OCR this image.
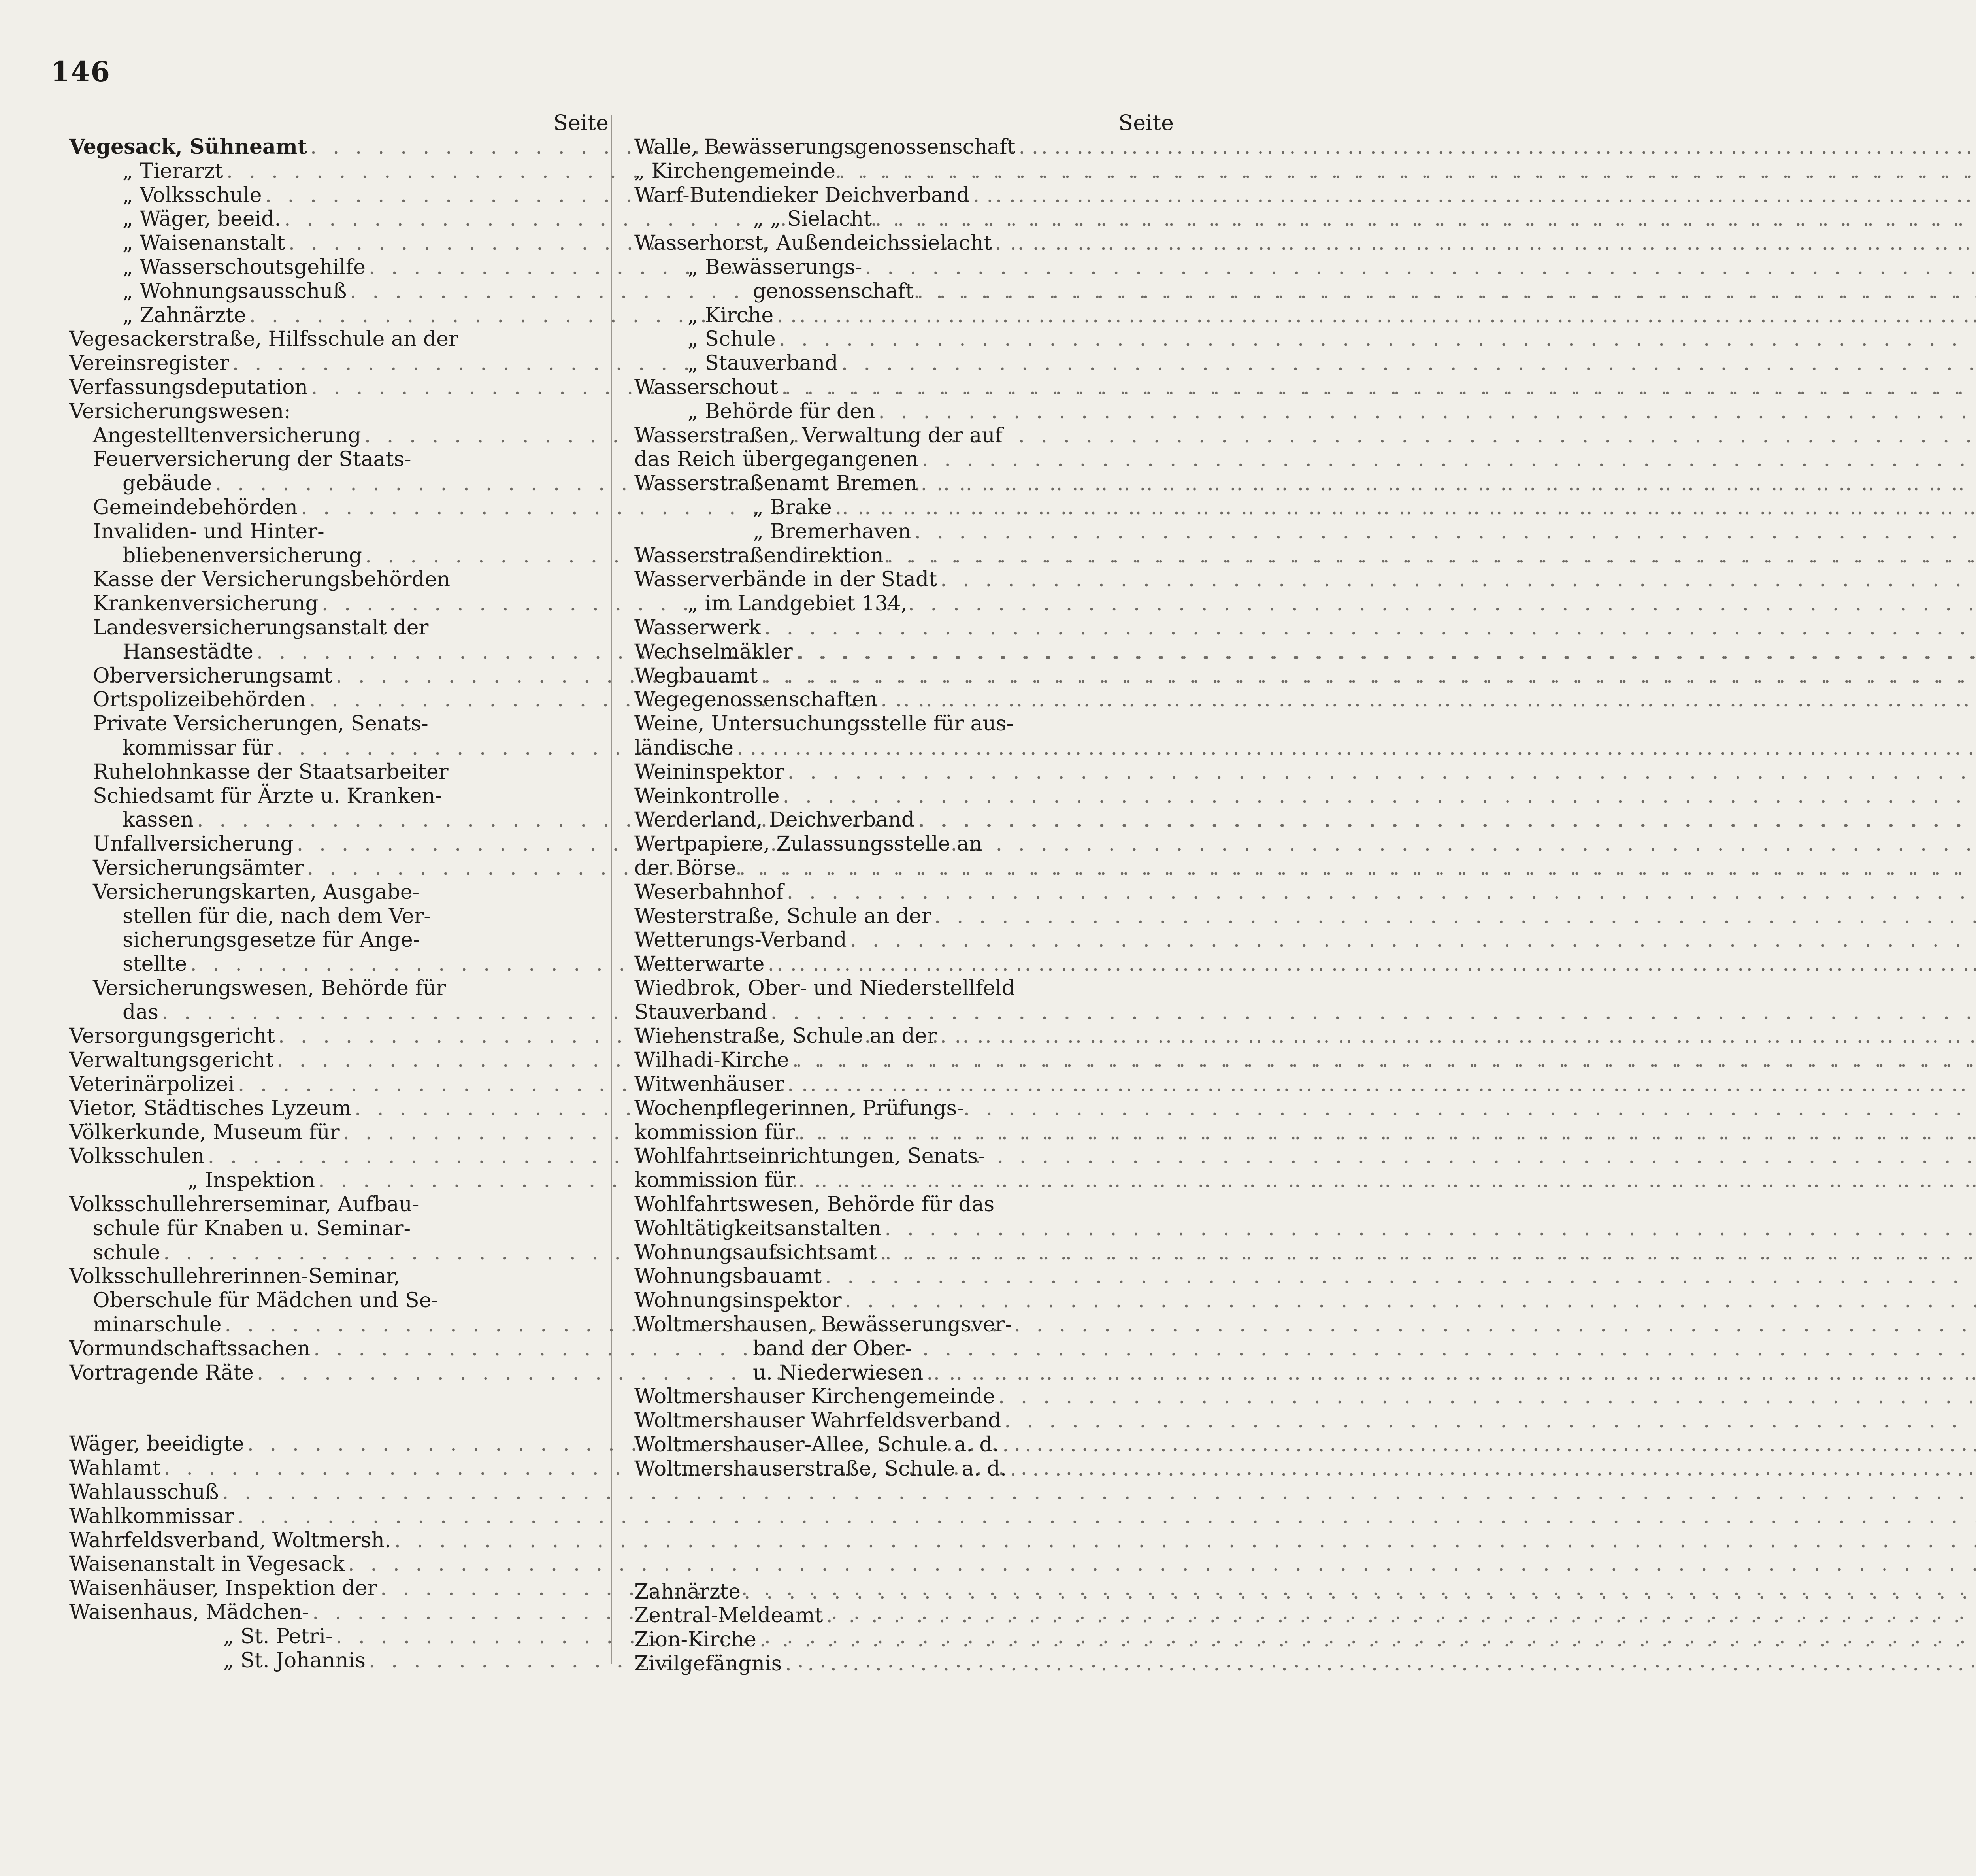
146
Seite
Vegesack, Sühneamt
. . .
„ Tierarzt
. . .
„ Volksschule
. . .
„ Wäger, beeid.
. . .
„ Waisenanstalt
. . .
„ Wasserschoutsgehilfe
. . .
„ Wohnungsausschuß
. . .
„ Zahnärzte
. . .
Vegesackerstraße, Hilfsschule an der
Vereinsregister
. . .
Verfassungsdeputation
. . .
Versicherungswesen:
Angestelltenversicherung
. . .
Feuerversicherung der Staats-
gebäude
. . .
Gemeindebehörden
. . .
Invaliden- und Hinter-
bliebenenversicherung
. . .
Kasse der Versicherungsbehörden
Krankenversicherung
. . .
Landesversicherungsanstalt der
Hansestädte
. . .
Oberversicherungsamt
. . .
Ortspolizeibehörden
. . .
Private Versicherungen, Senats-
kommissar für
. . .
Ruhelohnkasse der Staatsarbeiter
Schiedsamt für Ärzte u. Kranken-
kassen
. . .
Unfallversicherung
. . .
Versicherungsämter
. . .
Versicherungskarten, Ausgabe-
stellen für die, nach dem Ver-
sicherungsgesetze für Ange-
stellte
. . .
Versicherungswesen, Behörde für
das
. . .
Versorgungsgericht
. . .
Verwaltungsgericht
. . .
Veterinärpolizei
. . .
Vietor, Städtisches Lyzeum
. . .
Völkerkunde, Museum für
. . .
Volksschulen
. . .
„ Inspektion
. . .
Volksschullehrerseminar, Aufbau-
schule für Knaben u. Seminar-
schule
. . .
Volksschullehrerinnen-Seminar,
Oberschule für Mädchen und Se-
minarschule
. . .
Vormundschaftssachen
. . .
Vortragende Räte
. . .
Wäger, beeidigte
. . .
Wahlamt
. . .
Wahlausschuß
. . .
Wahlkommissar
. . .
Wahrfeldsverband, Woltmersh.
. . .
Waisenanstalt in Vegesack
. . .
Waisenhäuser, Inspektion der
. . .
Waisenhaus, Mädchen-
. . .
„ St. Petri-
. . .
„ St. Johannis
. . .
Seite
Walle, Bewässerungsgenossenschaft
. . .
„ Kirchengemeinde
. . .
Warf-Butendieker Deichverband
. . .
„ „ Sielacht
. . .
Wasserhorst, Außendeichssielacht
. . .
„ Bewässerungs-
genossenschaft
. . .
„ Kirche
. . .
„ Schule
. . .
„ Stauverband
. . .
Wasserschout
. . .
„ Behörde für den
. . .
Wasserstraßen, Verwaltung der auf
das Reich übergegangenen
. . .
Wasserstraßenamt Bremen
. . .
„ Brake
. . .
„ Bremerhaven
. . .
Wasserstraßendirektion
. . .
Wasserverbände in der Stadt
. . .
„ im Landgebiet 134,
Wasserwerk
. . .
Wechselmäkler
. . .
Wegbauamt
. . .
Wegegenossenschaften
. . .
Weine, Untersuchungsstelle für aus-
ländische
. . .
Weininspektor
. . .
Weinkontrolle
. . .
Werderland, Deichverband
. . .
Wertpapiere, Zulassungsstelle an
der Börse
. . .
Weserbahnhof
. . .
Westerstraße, Schule an der
. . .
Wetterungs-Verband
. . .
Wetterwarte
. . .
Wiedbrok, Ober- und Niederstellfeld
Stauverband
. . .
Wiehenstraße, Schule an der
. . .
Wilhadi-Kirche
. . .
Witwenhäuser
. . .
Wochenpflegerinnen, Prüfungs-
kommission für
. . .
Wohlfahrtseinrichtungen, Senats-
kommission für
. . .
Wohlfahrtswesen, Behörde für das
Wohltätigkeitsanstalten
. . .
Wohnungsaufsichtsamt
. . .
Wohnungsbauamt
. . .
Wohnungsinspektor
. . .
Woltmershausen, Bewässerungsver-
band der Ober-
u. Niederwiesen
. . .
Woltmershauser Kirchengemeinde
. . .
Woltmershauser Wahrfeldsverband
. . .
Woltmershauser-Allee, Schule a. d.
. . .
Woltmershauserstraße, Schule a. d.
. . .
Zahnärzte
. . .
Zentral-Meldeamt
. . .
Zion-Kirche
. . .
Zivilgefängnis
. . .
